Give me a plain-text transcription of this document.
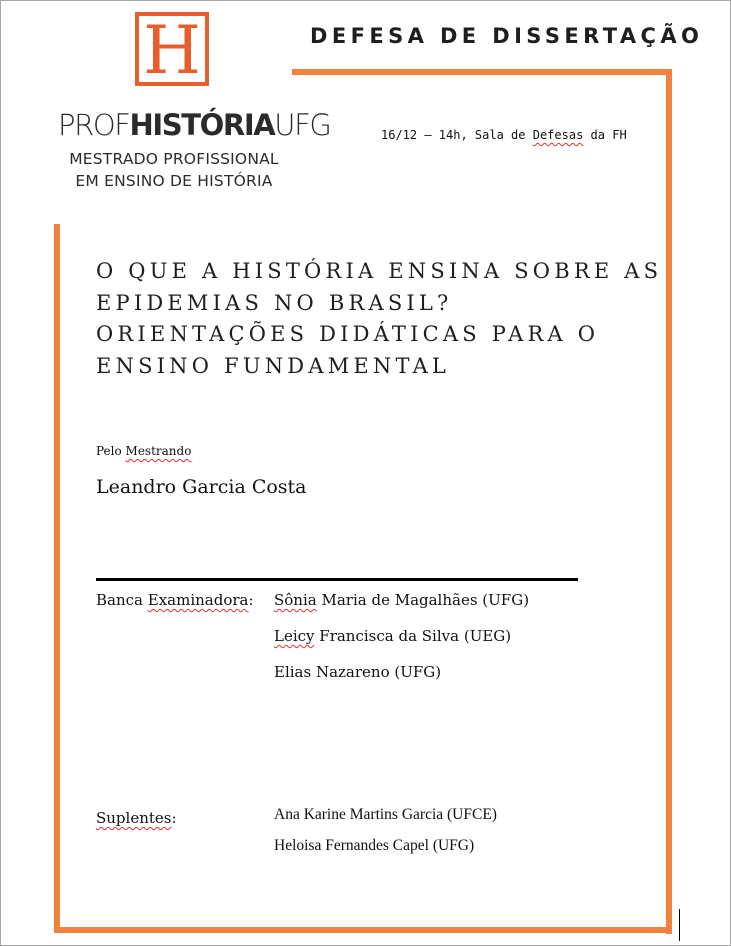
H
PROFHISTÓRIAUFG
MESTRADO PROFISSIONAL
EM ENSINO DE HISTÓRIA
DEFESA DE DISSERTAÇÃO
16/12 – 14h, Sala de Defesas da FH
O QUE A HISTÓRIA ENSINA SOBRE AS
EPIDEMIAS NO BRASIL?
ORIENTAÇÕES DIDÁTICAS PARA O
ENSINO FUNDAMENTAL
Pelo Mestrando
Leandro Garcia Costa
Banca Examinadora: Sônia Maria de Magalhães (UFG)
Leicy Francisca da Silva (UEG)
Elias Nazareno (UFG)
Suplentes:	Ana Karine Martins Garcia (UFCE)
Heloisa Fernandes Capel (UFG)
